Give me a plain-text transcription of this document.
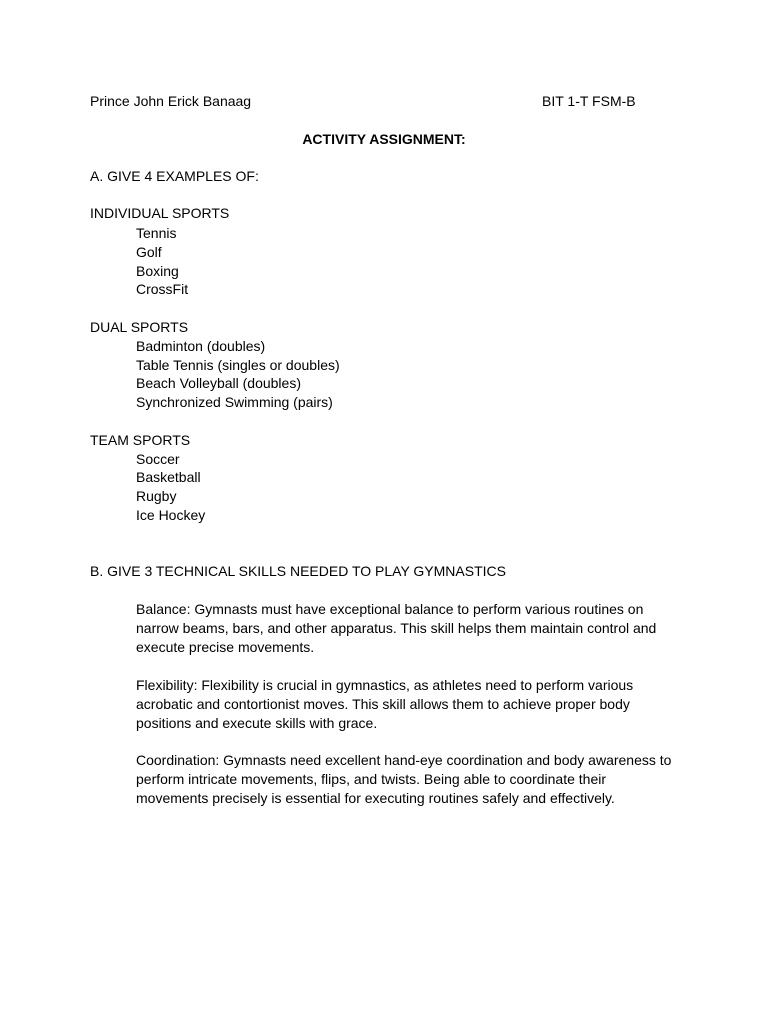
Prince John Erick Banaag	BIT 1-T FSM-B
ACTIVITY ASSIGNMENT:
A. GIVE 4 EXAMPLES OF:
INDIVIDUAL SPORTS
Tennis
Golf
Boxing
CrossFit
DUAL SPORTS
Badminton (doubles)
Table Tennis (singles or doubles)
Beach Volleyball (doubles)
Synchronized Swimming (pairs)
TEAM SPORTS
Soccer
Basketball
Rugby
Ice Hockey
B. GIVE 3 TECHNICAL SKILLS NEEDED TO PLAY GYMNASTICS
Balance: Gymnasts must have exceptional balance to perform various routines on narrow beams, bars, and other apparatus. This skill helps them maintain control and execute precise movements.
Flexibility: Flexibility is crucial in gymnastics, as athletes need to perform various acrobatic and contortionist moves. This skill allows them to achieve proper body positions and execute skills with grace.
Coordination: Gymnasts need excellent hand-eye coordination and body awareness to perform intricate movements, flips, and twists. Being able to coordinate their movements precisely is essential for executing routines safely and effectively.
